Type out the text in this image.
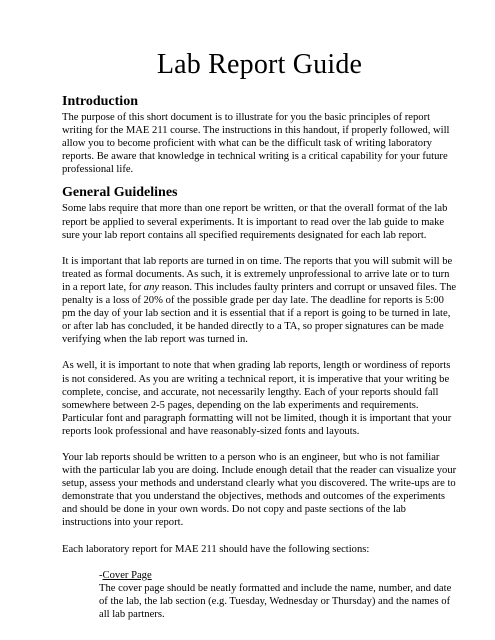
Lab Report Guide
Introduction

The purpose of this short document is to illustrate for you the basic principles of report writing for the MAE 211 course. The instructions in this handout, if properly followed, will allow you to become proficient with what can be the difficult task of writing laboratory reports. Be aware that knowledge in technical writing is a critical capability for your future professional life.

General Guidelines

Some labs require that more than one report be written, or that the overall format of the lab report be applied to several experiments. It is important to read over the lab guide to make sure your lab report contains all specified requirements designated for each lab report.

It is important that lab reports are turned in on time. The reports that you will submit will be treated as formal documents. As such, it is extremely unprofessional to arrive late or to turn in a report late, for any reason. This includes faulty printers and corrupt or unsaved files. The penalty is a loss of 20% of the possible grade per day late. The deadline for reports is 5:00 pm the day of your lab section and it is essential that if a report is going to be turned in late, or after lab has concluded, it be handed directly to a TA, so proper signatures can be made verifying when the lab report was turned in.

As well, it is important to note that when grading lab reports, length or wordiness of reports is not considered. As you are writing a technical report, it is imperative that your writing be complete, concise, and accurate, not necessarily lengthy. Each of your reports should fall somewhere between 2-5 pages, depending on the lab experiments and requirements. Particular font and paragraph formatting will not be limited, though it is important that your reports look professional and have reasonably-sized fonts and layouts.

Your lab reports should be written to a person who is an engineer, but who is not familiar with the particular lab you are doing. Include enough detail that the reader can visualize your setup, assess your methods and understand clearly what you discovered. The write-ups are to demonstrate that you understand the objectives, methods and outcomes of the experiments and should be done in your own words. Do not copy and paste sections of the lab instructions into your report.

Each laboratory report for MAE 211 should have the following sections:

-Cover Page

The cover page should be neatly formatted and include the name, number, and date of the lab, the lab section (e.g. Tuesday, Wednesday or Thursday) and the names of all lab partners.
